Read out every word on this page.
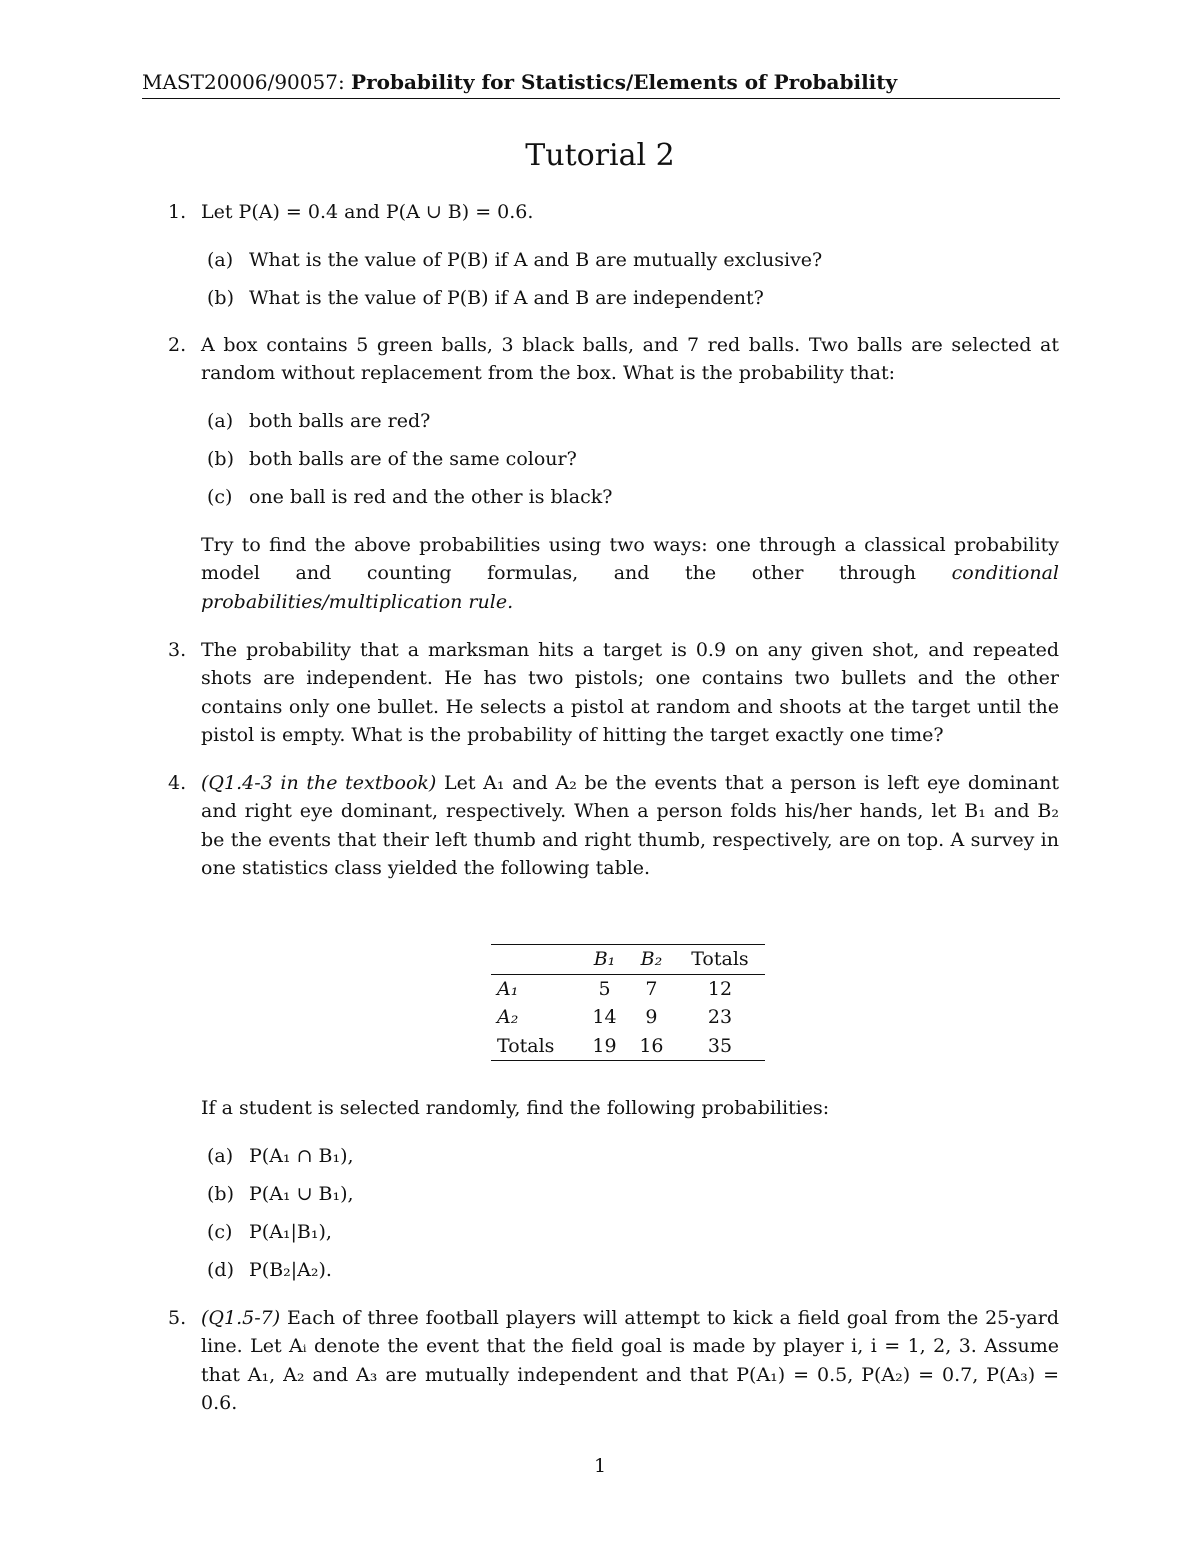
MAST20006/90057: Probability for Statistics/Elements of Probability
Tutorial 2
1. Let P(A) = 0.4 and P(A ∪ B) = 0.6.
(a) What is the value of P(B) if A and B are mutually exclusive?
(b) What is the value of P(B) if A and B are independent?
2. A box contains 5 green balls, 3 black balls, and 7 red balls. Two balls are selected at random without replacement from the box. What is the probability that:
(a) both balls are red?
(b) both balls are of the same colour?
(c) one ball is red and the other is black?
Try to find the above probabilities using two ways: one through a classical probability model and counting formulas, and the other through conditional probabilities/multiplication rule.
3. The probability that a marksman hits a target is 0.9 on any given shot, and repeated shots are independent. He has two pistols; one contains two bullets and the other contains only one bullet. He selects a pistol at random and shoots at the target until the pistol is empty. What is the probability of hitting the target exactly one time?
4. (Q1.4-3 in the textbook) Let A₁ and A₂ be the events that a person is left eye dominant and right eye dominant, respectively. When a person folds his/her hands, let B₁ and B₂ be the events that their left thumb and right thumb, respectively, are on top. A survey in one statistics class yielded the following table.
	B₁	B₂	Totals
A₁	5	7	12
A₂	14	9	23
Totals	19	16	35
If a student is selected randomly, find the following probabilities:
(a) P(A₁ ∩ B₁),
(b) P(A₁ ∪ B₁),
(c) P(A₁|B₁),
(d) P(B₂|A₂).
5. (Q1.5-7) Each of three football players will attempt to kick a field goal from the 25-yard line. Let Aᵢ denote the event that the field goal is made by player i, i = 1, 2, 3. Assume that A₁, A₂ and A₃ are mutually independent and that P(A₁) = 0.5, P(A₂) = 0.7, P(A₃) = 0.6.
1
